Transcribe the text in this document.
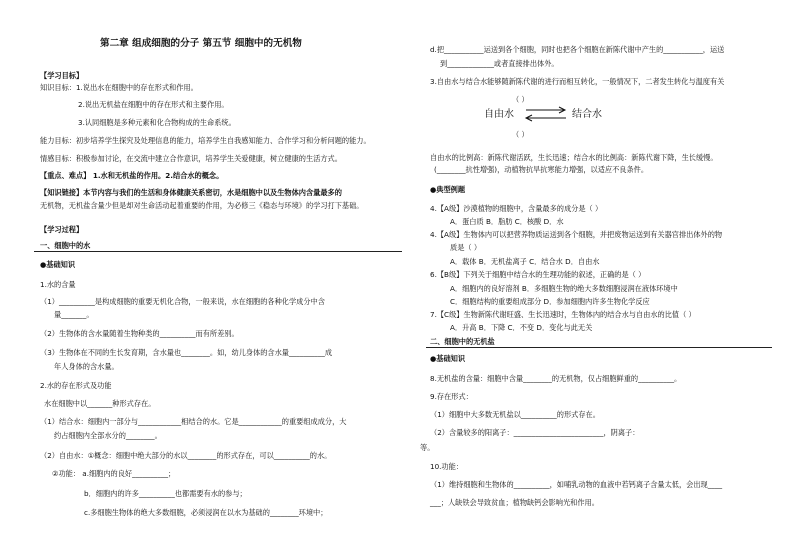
第二章 组成细胞的分子 第五节 细胞中的无机物
【学习目标】
知识目标：1.说出水在细胞中的存在形式和作用。
2.说出无机盐在细胞中的存在形式和主要作用。
3.认同细胞是多种元素和化合物构成的生命系统。
能力目标：初步培养学生探究及处理信息的能力，培养学生自我感知能力、合作学习和分析问题的能力。
情感目标：积极参加讨论，在交流中建立合作意识，培养学生关爱健康，树立健康的生活方式。
【重点、难点】 1.水和无机盐的作用。2.结合水的概念。
【知识链接】本节内容与我们的生活和身体健康关系密切，水是细胞中以及生物体内含量最多的
无机物，无机盐含量少但是却对生命活动起着重要的作用，为必修三《稳态与环境》的学习打下基础。
【学习过程】
一、细胞中的水
●基础知识
1.水的含量
（1）__________是构成细胞的重要无机化合物，一般来说，水在细胞的各种化学成分中含
量_______。
（2）生物体的含水量随着生物种类的__________而有所差别。
（3）生物体在不同的生长发育期，含水量也________。如，幼儿身体的含水量__________成
年人身体的含水量。
2.水的存在形式及功能
水在细胞中以_______种形式存在。
（1）结合水：细胞内一部分与____________相结合的水。它是____________的重要组成成分，大
约占细胞内全部水分的________。
（2）自由水：①概念：细胞中绝大部分的水以________的形式存在，可以__________的水。
②功能： a.细胞内的良好__________；
b．细胞内的许多__________也都需要有水的参与；
c.多细胞生物体的绝大多数细胞，必须浸润在以水为基础的________环境中；
（ ）
自由水	结合水
（ ）
d.把___________运送到各个细胞，同时也把各个细胞在新陈代谢中产生的___________，运送
到_____________或者直接排出体外。
3.自由水与结合水能够随新陈代谢的进行而相互转化，一般情况下，二者发生转化与温度有关
自由水的比例高：新陈代谢活跃，生长迅速；结合水的比例高：新陈代谢下降，生长缓慢。
(________抗性增强)，动植物抗旱抗寒能力增强，以适应不良条件。
●典型例题
4.【A级】沙漠植物的细胞中，含量最多的成分是（ ）
A．蛋白质 B．脂肪 C．核酸 D．水
4.【A级】生物体内可以把营养物质运送到各个细胞，并把废物运送到有关器官排出体外的物
质是（ ）
A．载体 B．无机盐离子 C．结合水 D．自由水
6.【B级】下列关于细胞中结合水的生理功能的叙述，正确的是（ ）
A．细胞内的良好溶剂 B．多细胞生物的绝大多数细胞浸润在液体环境中
C．细胞结构的重要组成部分 D．参加细胞内许多生物化学反应
7.【C级】生物新陈代谢旺盛、生长迅速时，生物体内的结合水与自由水的比值（ ）
A．升高 B．下降 C．不变 D．变化与此无关
二、细胞中的无机盐
●基础知识
8.无机盐的含量：细胞中含量________的无机物，仅占细胞鲜重的__________。
9.存在形式：
（1）细胞中大多数无机盐以__________的形式存在。
（2）含量较多的阳离子：_________________________，阴离子：
等。
10.功能：
（1）维持细胞和生物体的__________，如哺乳动物的血液中若钙离子含量太低，会出现____
___；人缺铁会导致贫血；植物缺钙会影响光和作用。
